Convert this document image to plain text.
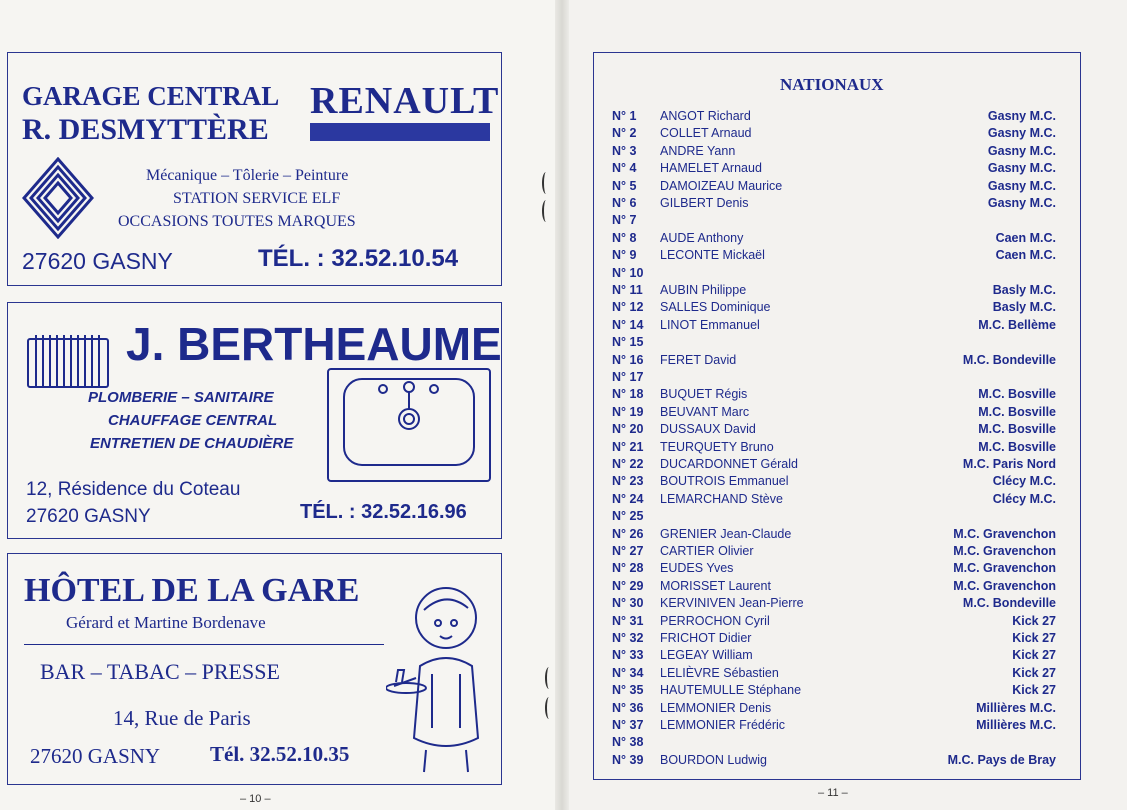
GARAGE CENTRAL RENAULT
R. DESMYTTÈRE
Mécanique – Tôlerie – Peinture
STATION SERVICE ELF
OCCASIONS TOUTES MARQUES
27620 GASNY	TÉL. : 32.52.10.54
J. BERTHEAUME
PLOMBERIE – SANITAIRE
CHAUFFAGE CENTRAL
ENTRETIEN DE CHAUDIÈRE
12, Résidence du Coteau
27620 GASNY	TÉL. : 32.52.16.96
HÔTEL DE LA GARE
Gérard et Martine Bordenave
BAR – TABAC – PRESSE
14, Rue de Paris
27620 GASNY Tél. 32.52.10.35
– 10 –
NATIONAUX
N° 1 ANGOT Richard	Gasny M.C.
N° 2 COLLET Arnaud	Gasny M.C.
N° 3 ANDRE Yann	Gasny M.C.
N° 4 HAMELET Arnaud	Gasny M.C.
N° 5 DAMOIZEAU Maurice	Gasny M.C.
N° 6 GILBERT Denis	Gasny M.C.
N° 7
N° 8 AUDE Anthony	Caen M.C.
N° 9 LECONTE Mickaël	Caen M.C.
N° 10
N° 11 AUBIN Philippe	Basly M.C.
N° 12 SALLES Dominique	Basly M.C.
N° 14 LINOT Emmanuel	M.C. Bellème
N° 15
N° 16 FERET David	M.C. Bondeville
N° 17
N° 18 BUQUET Régis	M.C. Bosville
N° 19 BEUVANT Marc	M.C. Bosville
N° 20 DUSSAUX David	M.C. Bosville
N° 21 TEURQUETY Bruno	M.C. Bosville
N° 22 DUCARDONNET Gérald	M.C. Paris Nord
N° 23 BOUTROIS Emmanuel	Clécy M.C.
N° 24 LEMARCHAND Stève	Clécy M.C.
N° 25
N° 26 GRENIER Jean-Claude	M.C. Gravenchon
N° 27 CARTIER Olivier	M.C. Gravenchon
N° 28 EUDES Yves	M.C. Gravenchon
N° 29 MORISSET Laurent	M.C. Gravenchon
N° 30 KERVINIVEN Jean-Pierre	M.C. Bondeville
N° 31 PERROCHON Cyril	Kick 27
N° 32 FRICHOT Didier	Kick 27
N° 33 LEGEAY William	Kick 27
N° 34 LELIÈVRE Sébastien	Kick 27
N° 35 HAUTEMULLE Stéphane	Kick 27
N° 36 LEMMONIER Denis	Millières M.C.
N° 37 LEMMONIER Frédéric	Millières M.C.
N° 38
N° 39 BOURDON Ludwig	M.C. Pays de Bray
– 11 –
